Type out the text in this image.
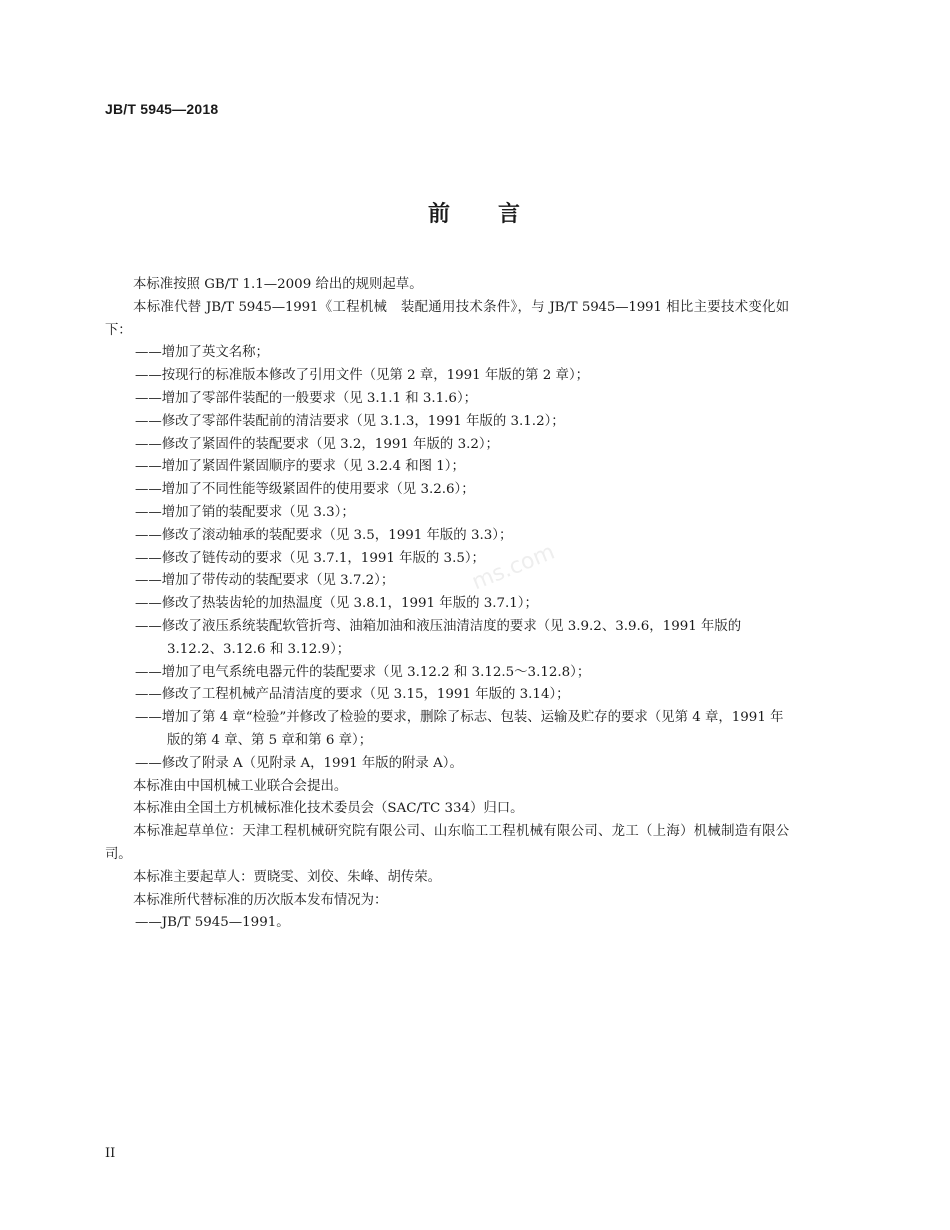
JB/T 5945—2018
前 言
ms.com

本标准按照 GB/T 1.1—2009 给出的规则起草。

本标准代替 JB/T 5945—1991《工程机械　装配通用技术条件》，与 JB/T 5945—1991 相比主要技术变化如下：

——增加了英文名称；

——按现行的标准版本修改了引用文件（见第 2 章，1991 年版的第 2 章）；

——增加了零部件装配的一般要求（见 3.1.1 和 3.1.6）；

——修改了零部件装配前的清洁要求（见 3.1.3，1991 年版的 3.1.2）；

——修改了紧固件的装配要求（见 3.2，1991 年版的 3.2）；

——增加了紧固件紧固顺序的要求（见 3.2.4 和图 1）；

——增加了不同性能等级紧固件的使用要求（见 3.2.6）；

——增加了销的装配要求（见 3.3）；

——修改了滚动轴承的装配要求（见 3.5，1991 年版的 3.3）；

——修改了链传动的要求（见 3.7.1，1991 年版的 3.5）；

——增加了带传动的装配要求（见 3.7.2）；

——修改了热装齿轮的加热温度（见 3.8.1，1991 年版的 3.7.1）；

——修改了液压系统装配软管折弯、油箱加油和液压油清洁度的要求（见 3.9.2、3.9.6，1991 年版的 3.12.2、3.12.6 和 3.12.9）；

——增加了电气系统电器元件的装配要求（见 3.12.2 和 3.12.5～3.12.8）；

——修改了工程机械产品清洁度的要求（见 3.15，1991 年版的 3.14）；

——增加了第 4 章“检验”并修改了检验的要求，删除了标志、包装、运输及贮存的要求（见第 4 章，1991 年版的第 4 章、第 5 章和第 6 章）；

——修改了附录 A（见附录 A，1991 年版的附录 A）。

本标准由中国机械工业联合会提出。

本标准由全国土方机械标准化技术委员会（SAC/TC 334）归口。

本标准起草单位：天津工程机械研究院有限公司、山东临工工程机械有限公司、龙工（上海）机械制造有限公司。

本标准主要起草人：贾晓雯、刘佼、朱峰、胡传荣。

本标准所代替标准的历次版本发布情况为：

——JB/T 5945—1991。

II
